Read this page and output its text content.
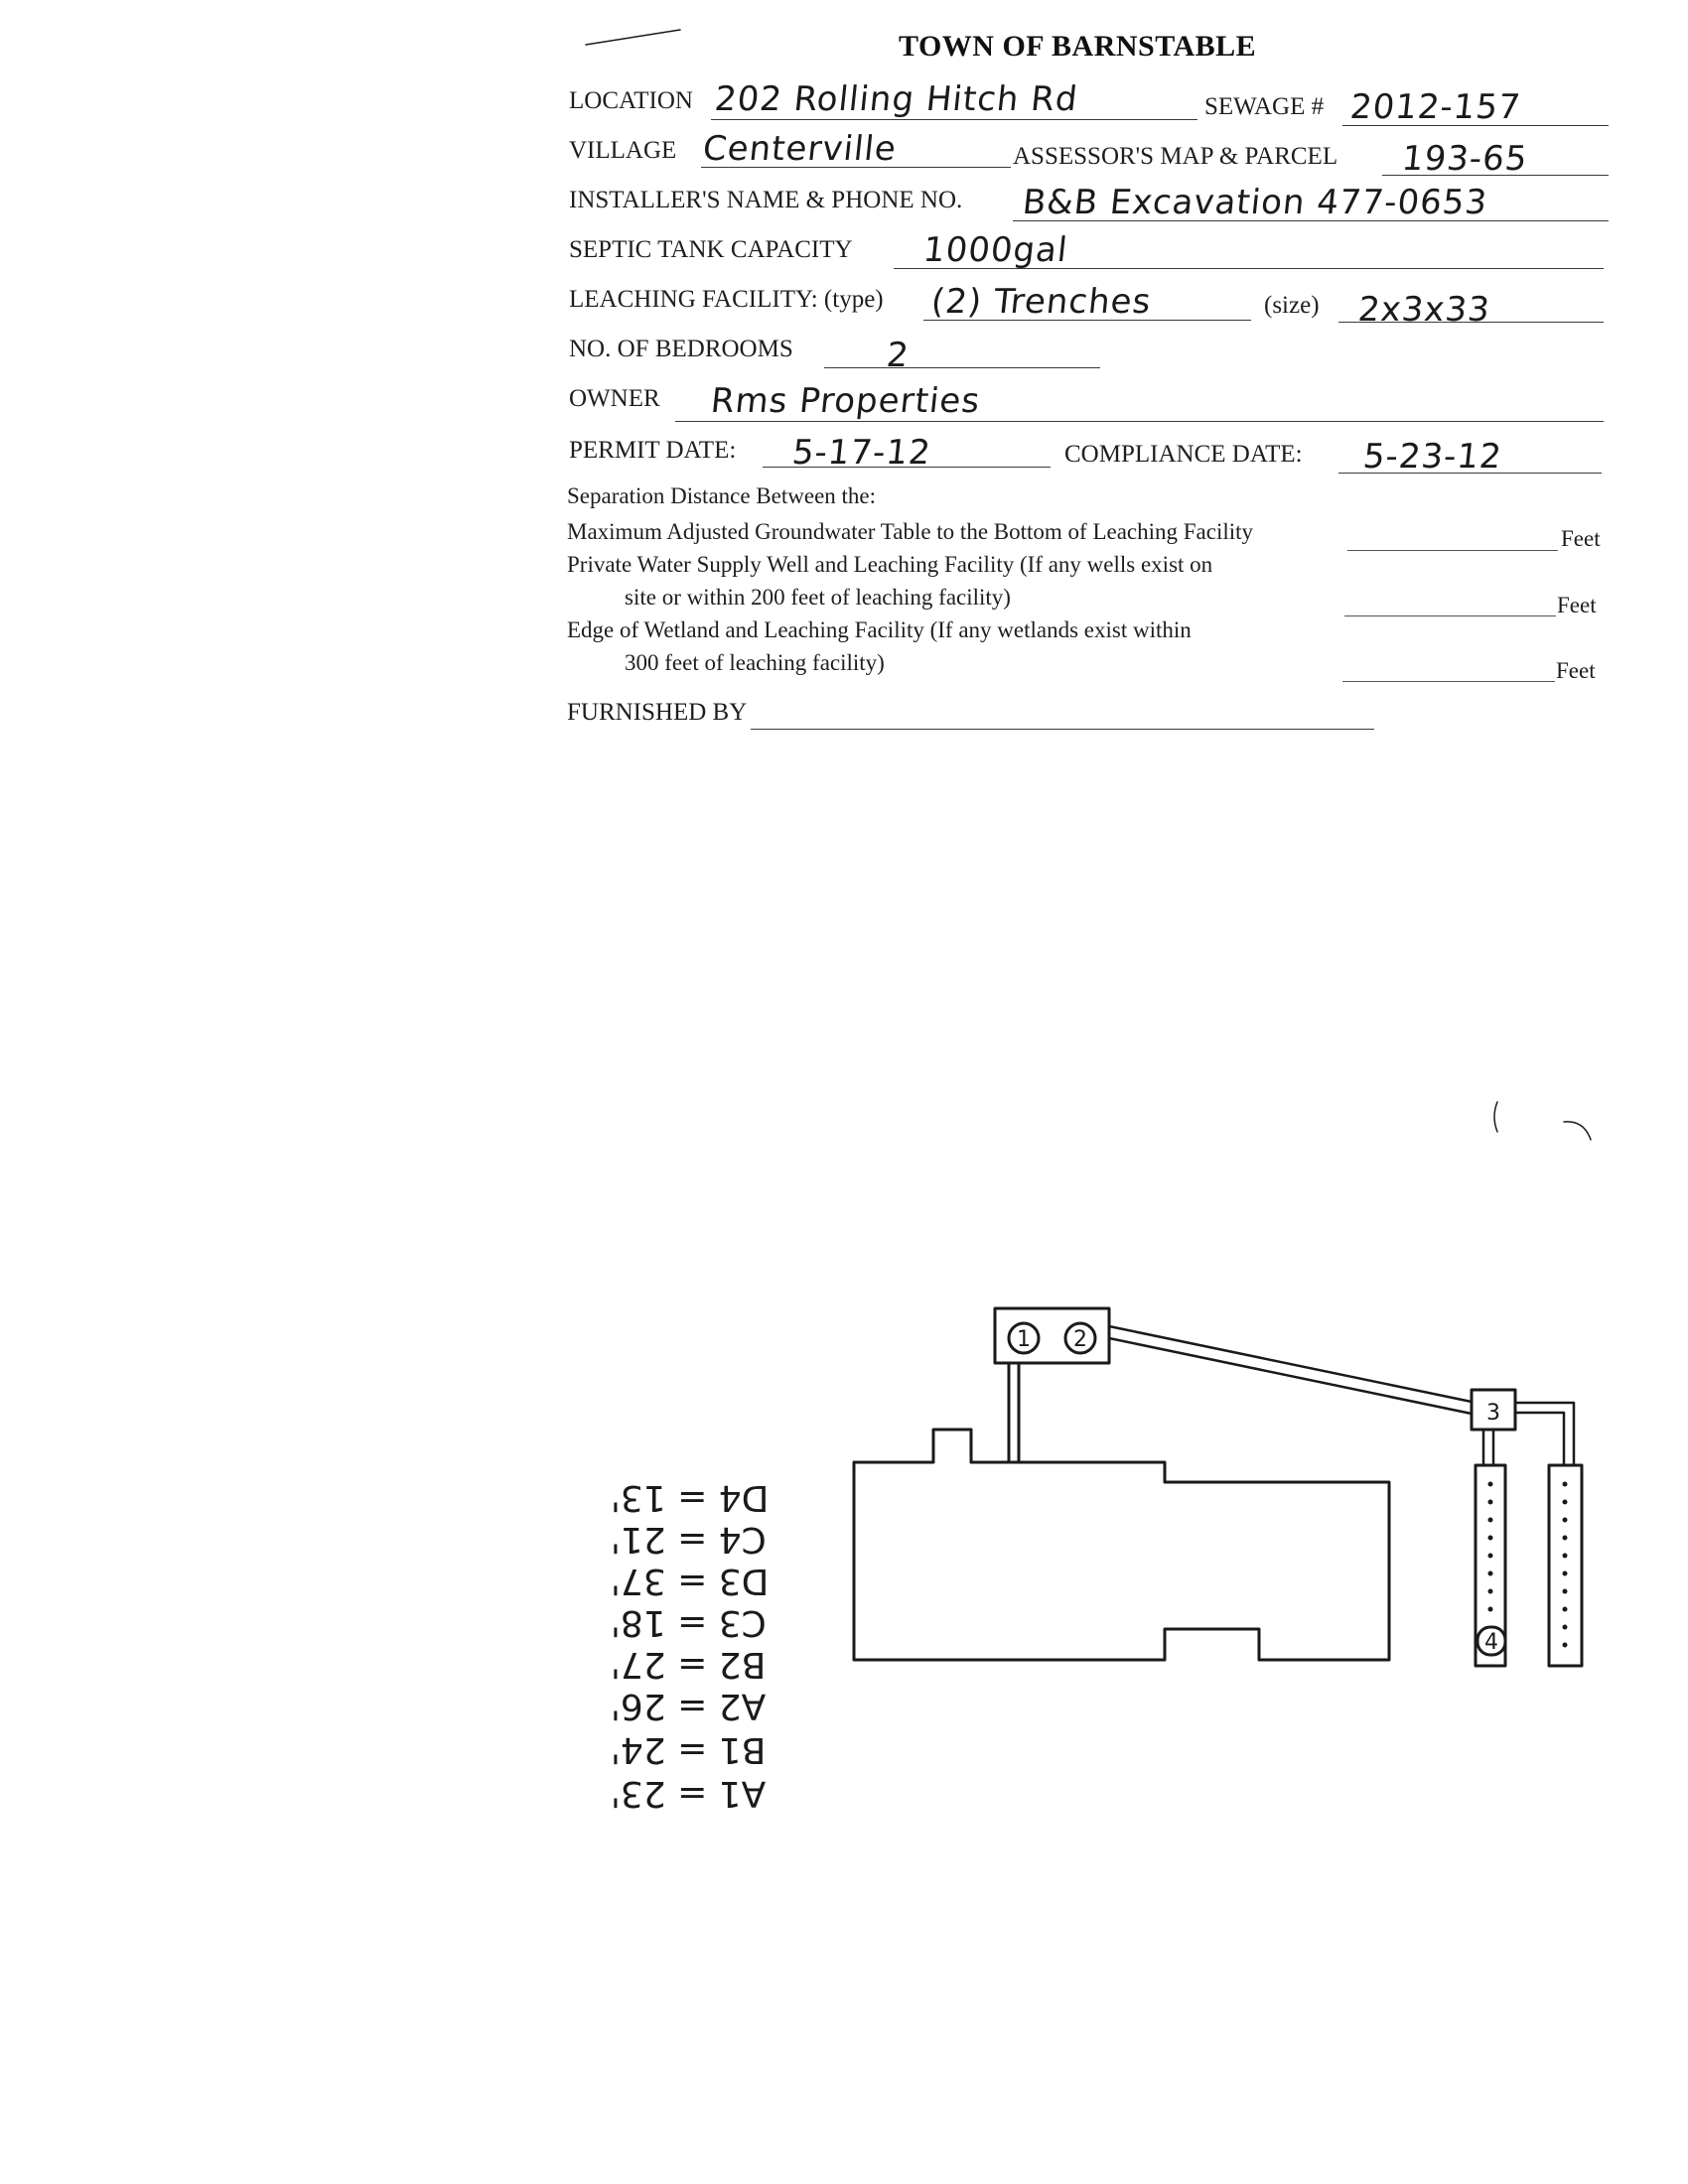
TOWN OF BARNSTABLE
LOCATION 202 Rolling Hitch Rd	SEWAGE # 2012-157
VILLAGE Centerville	ASSESSOR'S MAP & PARCEL 193-65
INSTALLER'S NAME & PHONE NO. B&B Excavation 477-0653
SEPTIC TANK CAPACITY 1000gal
LEACHING FACILITY: (type) (2) Trenches	(size) 2x3x33
NO. OF BEDROOMS	2
OWNER Rms Properties
PERMIT DATE: 5-17-12	COMPLIANCE DATE: 5-23-12
Separation Distance Between the:
Maximum Adjusted Groundwater Table to the Bottom of Leaching Facility	Feet
Private Water Supply Well and Leaching Facility (If any wells exist on
site or within 200 feet of leaching facility)	Feet
Edge of Wetland and Leaching Facility (If any wetlands exist within
300 feet of leaching facility)	Feet
FURNISHED BY
1 2
3
4
D4 = 13'
C4 = 21'
D3 = 37'
C3 = 18'
B2 = 27'
A2 = 26'
B1 = 24'
A1 = 23'
